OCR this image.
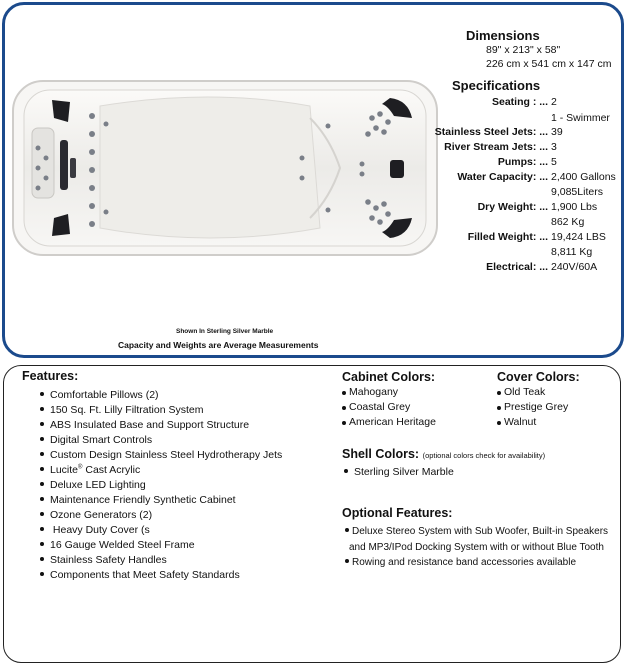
Shown In Sterling Silver Marble
Capacity and Weights are Average Measurements
Dimensions
89" x 213" x 58"
226 cm x 541 cm x 147 cm
Specifications
Seating : ... 2
1 - Swimmer
Stainless Steel Jets: ... 39
River Stream Jets: ... 3
Pumps: ... 5
Water Capacity: ... 2,400 Gallons
9,085Liters
Dry Weight: ... 1,900 Lbs
862 Kg
Filled Weight: ... 19,424 LBS
8,811 Kg
Electrical: ... 240V/60A
Features:
Comfortable Pillows (2)
150 Sq. Ft. Lilly Filtration System
ABS Insulated Base and Support Structure
Digital Smart Controls
Custom Design Stainless Steel Hydrotherapy Jets
Lucite® Cast Acrylic
Deluxe LED Lighting
Maintenance Friendly Synthetic Cabinet
Ozone Generators (2)
Heavy Duty Cover (s
16 Gauge Welded Steel Frame
Stainless Safety Handles
Components that Meet Safety Standards
Cabinet Colors:
Mahogany
Coastal Grey
American Heritage
Cover Colors:
Old Teak
Prestige Grey
Walnut
Shell Colors: (optional colors check for availability)
Sterling Silver Marble
Optional Features:
Deluxe Stereo System with Sub Woofer, Built-in Speakers
and MP3/IPod Docking System with or without Blue Tooth
Rowing and resistance band accessories available
